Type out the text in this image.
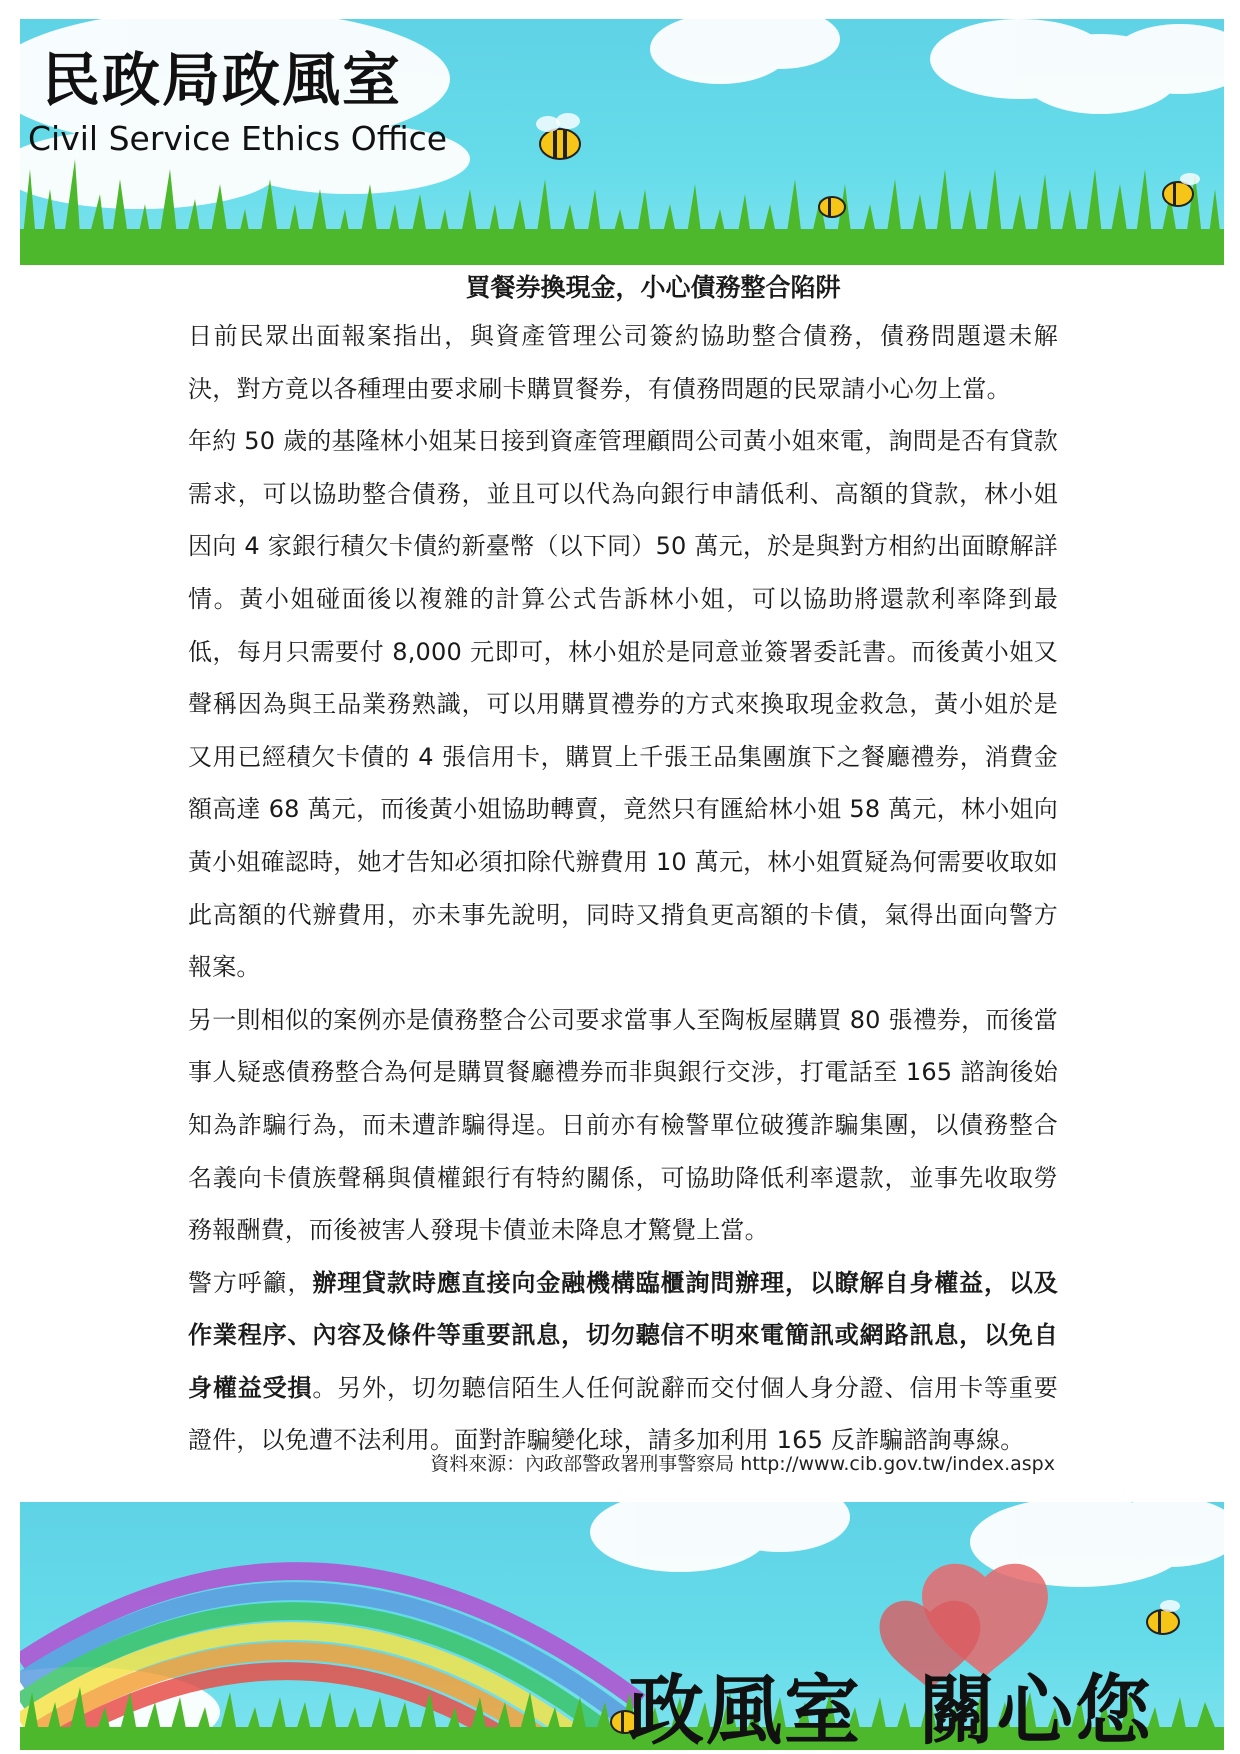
民政局政風室
Civil Service Ethics Office
買餐券換現金，小心債務整合陷阱

日前民眾出面報案指出，與資產管理公司簽約協助整合債務，債務問題還未解決，對方竟以各種理由要求刷卡購買餐券，有債務問題的民眾請小心勿上當。

年約 50 歲的基隆林小姐某日接到資產管理顧問公司黃小姐來電，詢問是否有貸款需求，可以協助整合債務，並且可以代為向銀行申請低利、高額的貸款，林小姐因向 4 家銀行積欠卡債約新臺幣（以下同）50 萬元，於是與對方相約出面瞭解詳情。黃小姐碰面後以複雜的計算公式告訴林小姐，可以協助將還款利率降到最低，每月只需要付 8,000 元即可，林小姐於是同意並簽署委託書。而後黃小姐又聲稱因為與王品業務熟識，可以用購買禮券的方式來換取現金救急，黃小姐於是又用已經積欠卡債的 4 張信用卡，購買上千張王品集團旗下之餐廳禮券，消費金額高達 68 萬元，而後黃小姐協助轉賣，竟然只有匯給林小姐 58 萬元，林小姐向黃小姐確認時，她才告知必須扣除代辦費用 10 萬元，林小姐質疑為何需要收取如此高額的代辦費用，亦未事先說明，同時又揹負更高額的卡債，氣得出面向警方報案。

另一則相似的案例亦是債務整合公司要求當事人至陶板屋購買 80 張禮券，而後當事人疑惑債務整合為何是購買餐廳禮券而非與銀行交涉，打電話至 165 諮詢後始知為詐騙行為，而未遭詐騙得逞。日前亦有檢警單位破獲詐騙集團，以債務整合名義向卡債族聲稱與債權銀行有特約關係，可協助降低利率還款，並事先收取勞務報酬費，而後被害人發現卡債並未降息才驚覺上當。

警方呼籲，辦理貸款時應直接向金融機構臨櫃詢問辦理，以瞭解自身權益，以及作業程序、內容及條件等重要訊息，切勿聽信不明來電簡訊或網路訊息，以免自身權益受損。另外，切勿聽信陌生人任何說辭而交付個人身分證、信用卡等重要證件，以免遭不法利用。面對詐騙變化球，請多加利用 165 反詐騙諮詢專線。

資料來源：內政部警政署刑事警察局 http://www.cib.gov.tw/index.aspx
政風室  關心您
